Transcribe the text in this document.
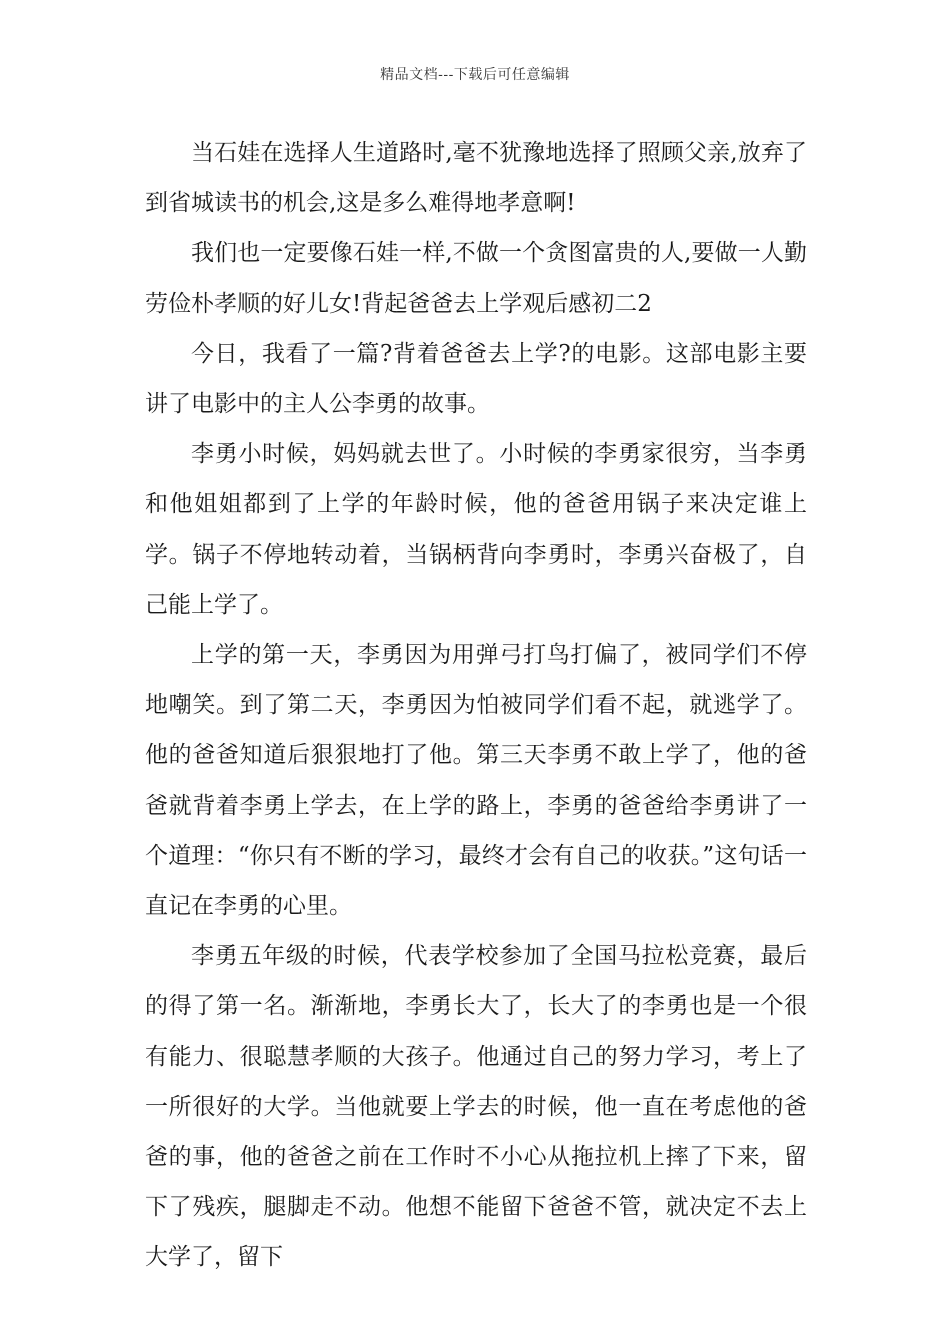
精品文档---下载后可任意编辑

当石娃在选择人生道路时,毫不犹豫地选择了照顾父亲,放弃了到省城读书的机会,这是多么难得地孝意啊!

我们也一定要像石娃一样,不做一个贪图富贵的人,要做一人勤劳俭朴孝顺的好儿女!背起爸爸去上学观后感初二2

今日，我看了一篇?背着爸爸去上学?的电影。这部电影主要讲了电影中的主人公李勇的故事。

李勇小时候，妈妈就去世了。小时候的李勇家很穷，当李勇和他姐姐都到了上学的年龄时候，他的爸爸用锅子来决定谁上学。锅子不停地转动着，当锅柄背向李勇时，李勇兴奋极了，自己能上学了。

上学的第一天，李勇因为用弹弓打鸟打偏了，被同学们不停地嘲笑。到了第二天，李勇因为怕被同学们看不起，就逃学了。他的爸爸知道后狠狠地打了他。第三天李勇不敢上学了，他的爸爸就背着李勇上学去，在上学的路上，李勇的爸爸给李勇讲了一个道理：“你只有不断的学习，最终才会有自己的收获。”这句话一直记在李勇的心里。

李勇五年级的时候，代表学校参加了全国马拉松竞赛，最后的得了第一名。渐渐地，李勇长大了，长大了的李勇也是一个很有能力、很聪慧孝顺的大孩子。他通过自己的努力学习，考上了一所很好的大学。当他就要上学去的时候，他一直在考虑他的爸爸的事，他的爸爸之前在工作时不小心从拖拉机上摔了下来，留下了残疾，腿脚走不动。他想不能留下爸爸不管，就决定不去上大学了，留下
